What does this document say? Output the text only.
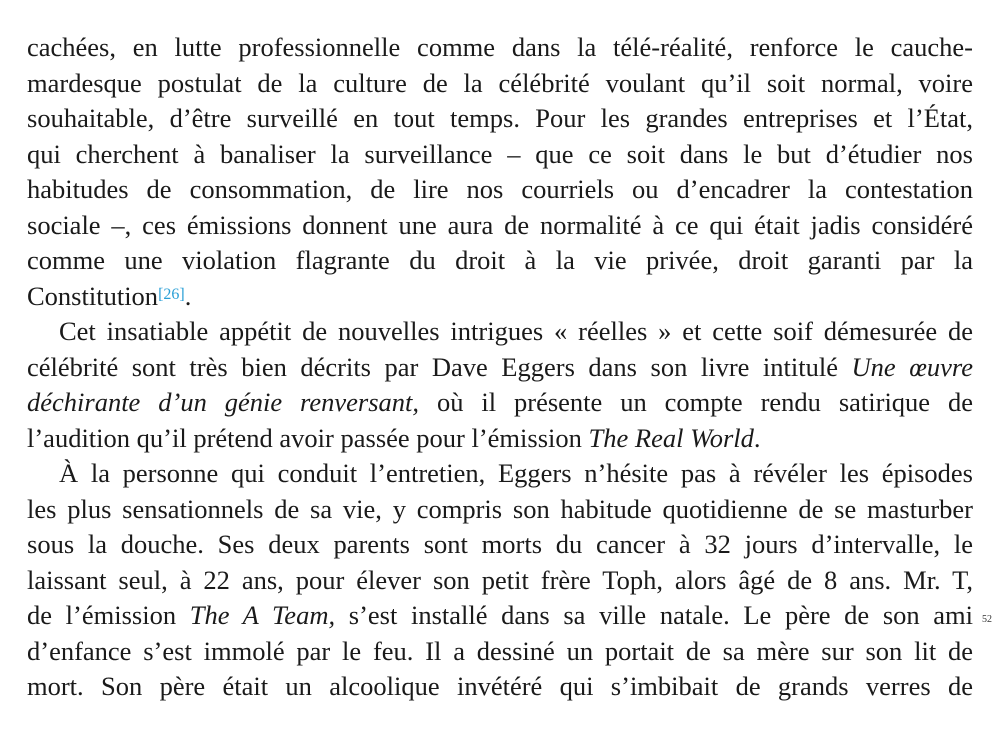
cachées, en lutte professionnelle comme dans la télé-réalité, renforce le cauche-
mardesque postulat de la culture de la célébrité voulant qu’il soit normal, voire
souhaitable, d’être surveillé en tout temps. Pour les grandes entreprises et l’État,
qui cherchent à banaliser la surveillance – que ce soit dans le but d’étudier nos
habitudes de consommation, de lire nos courriels ou d’encadrer la contestation
sociale –, ces émissions donnent une aura de normalité à ce qui était jadis considéré
comme une violation flagrante du droit à la vie privée, droit garanti par la
Constitution[26].
Cet insatiable appétit de nouvelles intrigues « réelles » et cette soif démesurée de
célébrité sont très bien décrits par Dave Eggers dans son livre intitulé Une œuvre
déchirante d’un génie renversant, où il présente un compte rendu satirique de
l’audition qu’il prétend avoir passée pour l’émission The Real World.
À la personne qui conduit l’entretien, Eggers n’hésite pas à révéler les épisodes
les plus sensationnels de sa vie, y compris son habitude quotidienne de se masturber
sous la douche. Ses deux parents sont morts du cancer à 32 jours d’intervalle, le
laissant seul, à 22 ans, pour élever son petit frère Toph, alors âgé de 8 ans. Mr. T,
de l’émission The A Team, s’est installé dans sa ville natale. Le père de son ami
d’enfance s’est immolé par le feu. Il a dessiné un portait de sa mère sur son lit de
mort. Son père était un alcoolique invétéré qui s’imbibait de grands verres de
52
